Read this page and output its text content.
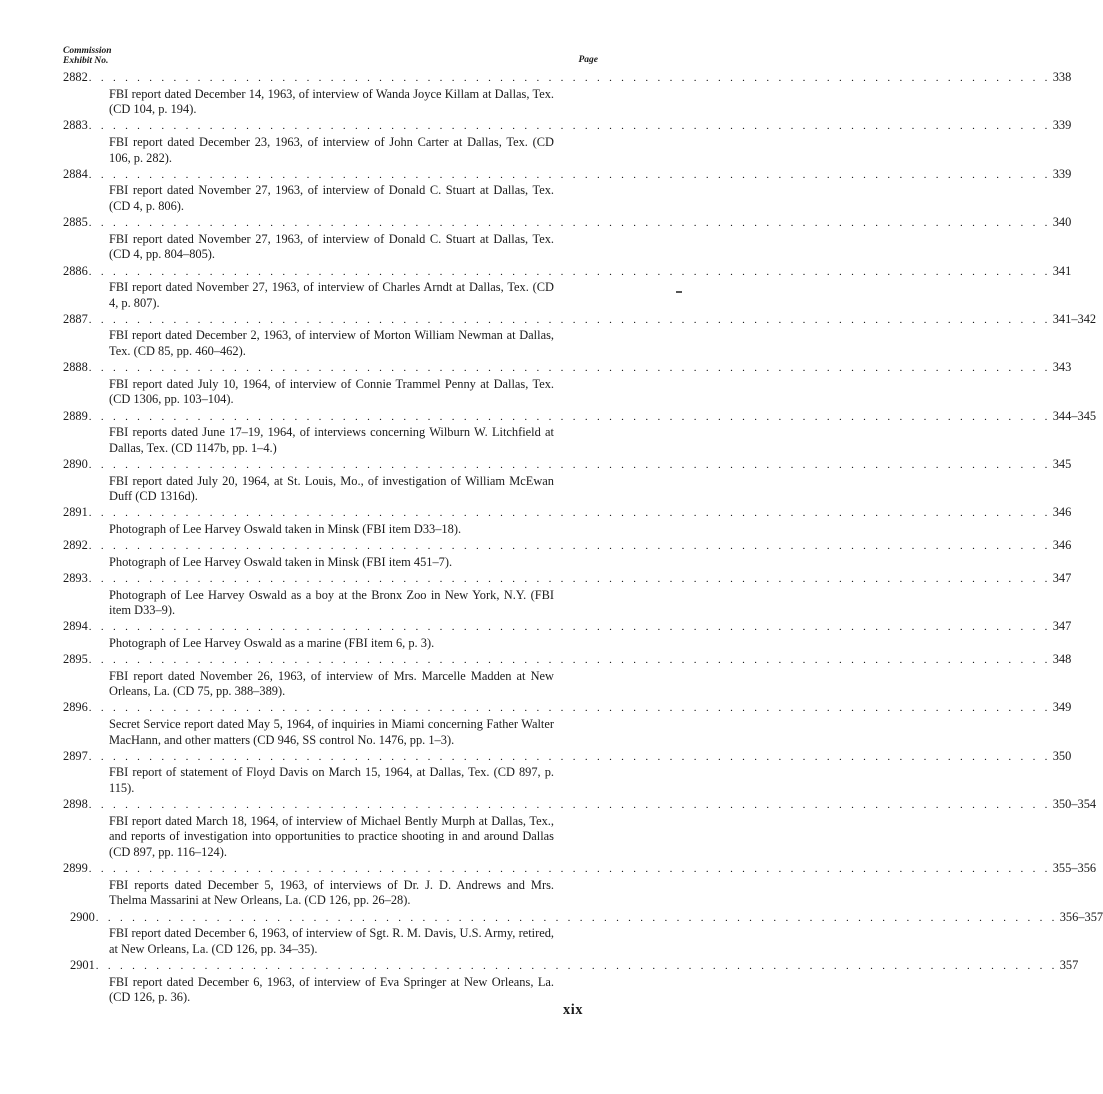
Commission
Exhibit No.	Page
2882 . . . . . . . . . . . . . . . . . . . . . . . . . . . . . . . . . . . . . . . . . . . . . . . . . . . . . . . . . . . . . . . . . . . . . . . . . . . . . . . . 338
FBI report dated December 14, 1963, of interview of Wanda Joyce Killam at Dallas, Tex. (CD 104, p. 194).
2883 . . . . . . . . . . . . . . . . . . . . . . . . . . . . . . . . . . . . . . . . . . . . . . . . . . . . . . . . . . . . . . . . . . . . . . . . . . . . . . . . 339
FBI report dated December 23, 1963, of interview of John Carter at Dallas, Tex. (CD 106, p. 282).
2884 . . . . . . . . . . . . . . . . . . . . . . . . . . . . . . . . . . . . . . . . . . . . . . . . . . . . . . . . . . . . . . . . . . . . . . . . . . . . . . . . 339
FBI report dated November 27, 1963, of interview of Donald C. Stuart at Dallas, Tex. (CD 4, p. 806).
2885 . . . . . . . . . . . . . . . . . . . . . . . . . . . . . . . . . . . . . . . . . . . . . . . . . . . . . . . . . . . . . . . . . . . . . . . . . . . . . . . . 340
FBI report dated November 27, 1963, of interview of Donald C. Stuart at Dallas, Tex. (CD 4, pp. 804–805).
2886 . . . . . . . . . . . . . . . . . . . . . . . . . . . . . . . . . . . . . . . . . . . . . . . . . . . . . . . . . . . . . . . . . . . . . . . . . . . . . . . . 341
FBI report dated November 27, 1963, of interview of Charles Arndt at Dallas, Tex. (CD 4, p. 807).
2887 . . . . . . . . . . . . . . . . . . . . . . . . . . . . . . . . . . . . . . . . . . . . . . . . . . . . . . . . . . . . . . . . . . . . . . . . . . . . . . . . 341–342
FBI report dated December 2, 1963, of interview of Morton William Newman at Dallas, Tex. (CD 85, pp. 460–462).
2888 . . . . . . . . . . . . . . . . . . . . . . . . . . . . . . . . . . . . . . . . . . . . . . . . . . . . . . . . . . . . . . . . . . . . . . . . . . . . . . . . 343
FBI report dated July 10, 1964, of interview of Connie Trammel Penny at Dallas, Tex. (CD 1306, pp. 103–104).
2889 . . . . . . . . . . . . . . . . . . . . . . . . . . . . . . . . . . . . . . . . . . . . . . . . . . . . . . . . . . . . . . . . . . . . . . . . . . . . . . . . 344–345
FBI reports dated June 17–19, 1964, of interviews concerning Wilburn W. Litchfield at Dallas, Tex. (CD 1147b, pp. 1–4.)
2890 . . . . . . . . . . . . . . . . . . . . . . . . . . . . . . . . . . . . . . . . . . . . . . . . . . . . . . . . . . . . . . . . . . . . . . . . . . . . . . . . 345
FBI report dated July 20, 1964, at St. Louis, Mo., of investigation of William McEwan Duff (CD 1316d).
2891 . . . . . . . . . . . . . . . . . . . . . . . . . . . . . . . . . . . . . . . . . . . . . . . . . . . . . . . . . . . . . . . . . . . . . . . . . . . . . . . . 346
Photograph of Lee Harvey Oswald taken in Minsk (FBI item D33–18).
2892 . . . . . . . . . . . . . . . . . . . . . . . . . . . . . . . . . . . . . . . . . . . . . . . . . . . . . . . . . . . . . . . . . . . . . . . . . . . . . . . . 346
Photograph of Lee Harvey Oswald taken in Minsk (FBI item 451–7).
2893 . . . . . . . . . . . . . . . . . . . . . . . . . . . . . . . . . . . . . . . . . . . . . . . . . . . . . . . . . . . . . . . . . . . . . . . . . . . . . . . . 347
Photograph of Lee Harvey Oswald as a boy at the Bronx Zoo in New York, N.Y. (FBI item D33–9).
2894 . . . . . . . . . . . . . . . . . . . . . . . . . . . . . . . . . . . . . . . . . . . . . . . . . . . . . . . . . . . . . . . . . . . . . . . . . . . . . . . . 347
Photograph of Lee Harvey Oswald as a marine (FBI item 6, p. 3).
2895 . . . . . . . . . . . . . . . . . . . . . . . . . . . . . . . . . . . . . . . . . . . . . . . . . . . . . . . . . . . . . . . . . . . . . . . . . . . . . . . . 348
FBI report dated November 26, 1963, of interview of Mrs. Marcelle Madden at New Orleans, La. (CD 75, pp. 388–389).
2896 . . . . . . . . . . . . . . . . . . . . . . . . . . . . . . . . . . . . . . . . . . . . . . . . . . . . . . . . . . . . . . . . . . . . . . . . . . . . . . . . 349
Secret Service report dated May 5, 1964, of inquiries in Miami concerning Father Walter MacHann, and other matters (CD 946, SS control No. 1476, pp. 1–3).
2897 . . . . . . . . . . . . . . . . . . . . . . . . . . . . . . . . . . . . . . . . . . . . . . . . . . . . . . . . . . . . . . . . . . . . . . . . . . . . . . . . 350
FBI report of statement of Floyd Davis on March 15, 1964, at Dallas, Tex. (CD 897, p. 115).
2898 . . . . . . . . . . . . . . . . . . . . . . . . . . . . . . . . . . . . . . . . . . . . . . . . . . . . . . . . . . . . . . . . . . . . . . . . . . . . . . . . 350–354
FBI report dated March 18, 1964, of interview of Michael Bently Murph at Dallas, Tex., and reports of investigation into opportunities to practice shooting in and around Dallas (CD 897, pp. 116–124).
2899 . . . . . . . . . . . . . . . . . . . . . . . . . . . . . . . . . . . . . . . . . . . . . . . . . . . . . . . . . . . . . . . . . . . . . . . . . . . . . . . . 355–356
FBI reports dated December 5, 1963, of interviews of Dr. J. D. Andrews and Mrs. Thelma Massarini at New Orleans, La. (CD 126, pp. 26–28).
2900 . . . . . . . . . . . . . . . . . . . . . . . . . . . . . . . . . . . . . . . . . . . . . . . . . . . . . . . . . . . . . . . . . . . . . . . . . . . . . . . . 356–357
FBI report dated December 6, 1963, of interview of Sgt. R. M. Davis, U.S. Army, retired, at New Orleans, La. (CD 126, pp. 34–35).
2901 . . . . . . . . . . . . . . . . . . . . . . . . . . . . . . . . . . . . . . . . . . . . . . . . . . . . . . . . . . . . . . . . . . . . . . . . . . . . . . . . 357
FBI report dated December 6, 1963, of interview of Eva Springer at New Orleans, La. (CD 126, p. 36).
xix
